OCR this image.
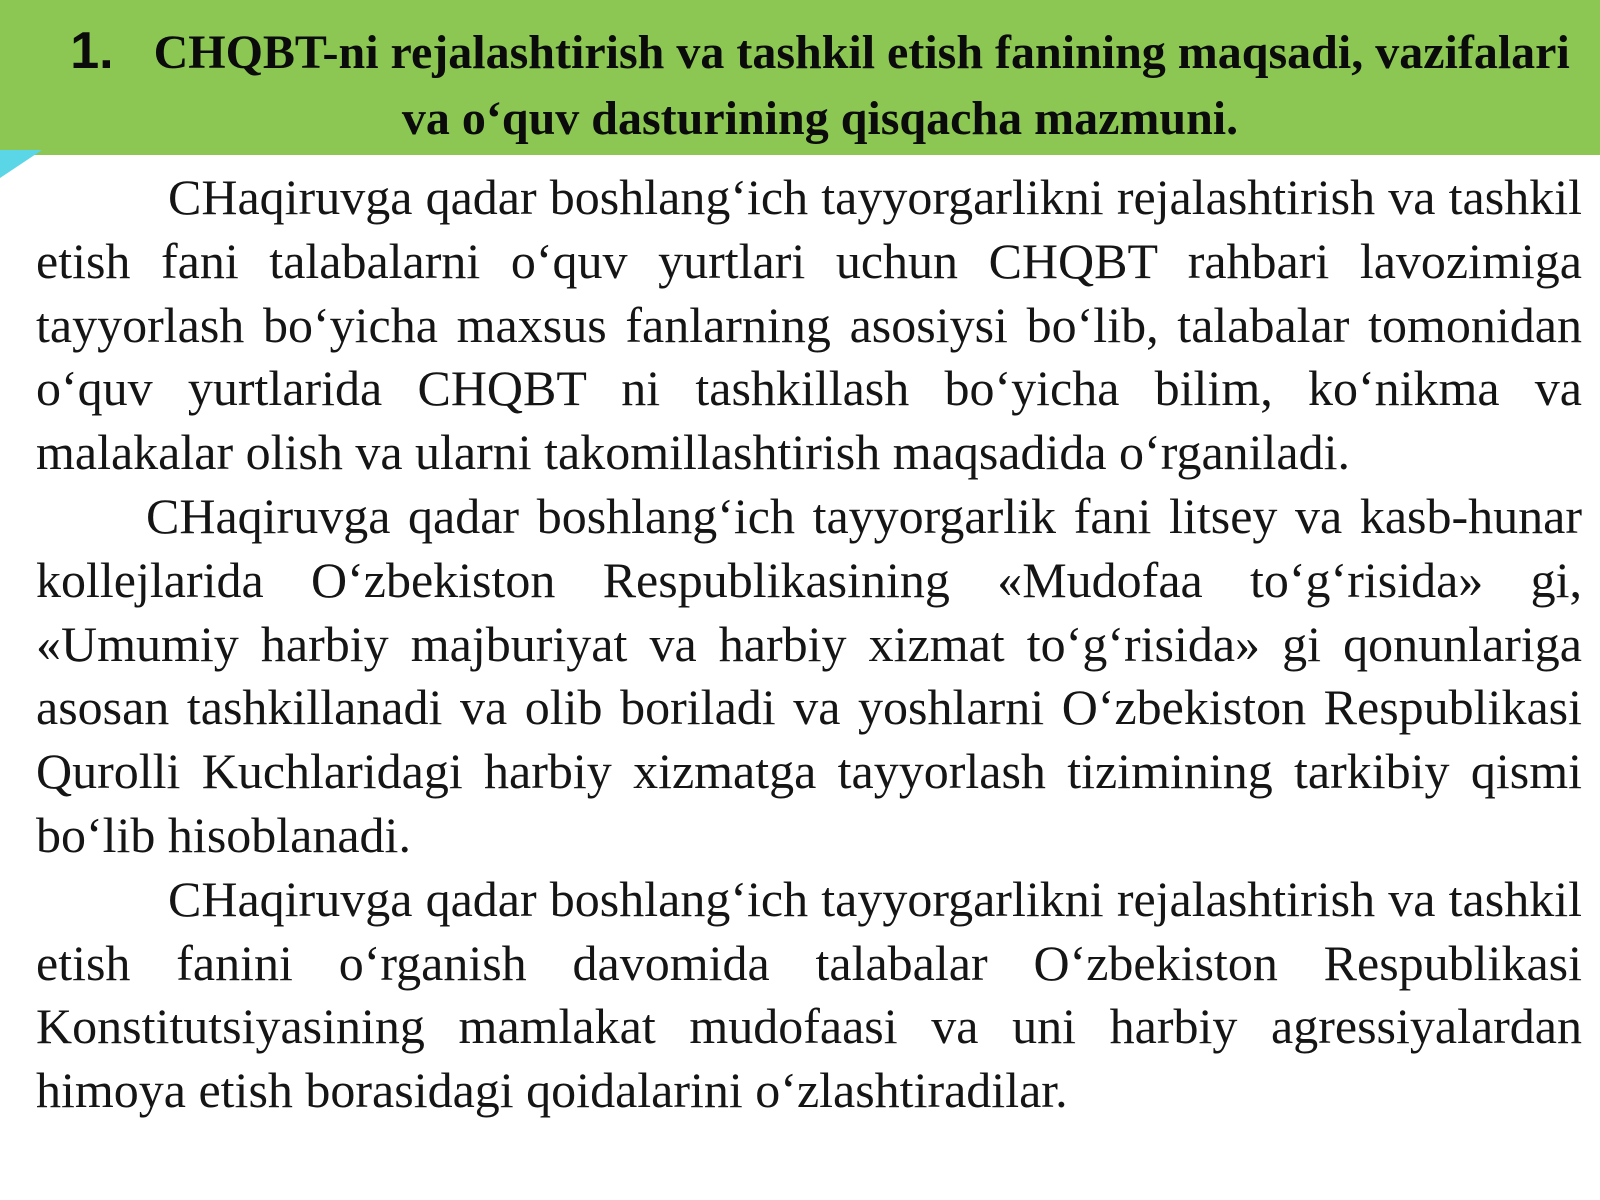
1. CHQBT-ni rejalashtirish va tashkil etish fanining maqsadi, vazifalari va o‘quv dasturining qisqacha mazmuni.

CHaqiruvga qadar boshlang‘ich tayyorgarlikni rejalashtirish va tashkil etish fani talabalarni o‘quv yurtlari uchun CHQBT rahbari lavozimiga tayyorlash bo‘yicha maxsus fanlarning asosiysi bo‘lib, talabalar tomonidan o‘quv yurtlarida CHQBT ni tashkillash bo‘yicha bilim, ko‘nikma va malakalar olish va ularni takomillashtirish maqsadida o‘rganiladi.

CHaqiruvga qadar boshlang‘ich tayyorgarlik fani litsey va kasb-hunar kollejlarida O‘zbekiston Respublikasining «Mudofaa to‘g‘risida» gi, «Umumiy harbiy majburiyat va harbiy xizmat to‘g‘risida» gi qonunlariga asosan tashkillanadi va olib boriladi va yoshlarni O‘zbekiston Respublikasi Qurolli Kuchlaridagi harbiy xizmatga tayyorlash tizimining tarkibiy qismi bo‘lib hisoblanadi.

CHaqiruvga qadar boshlang‘ich tayyorgarlikni rejalashtirish va tashkil etish fanini o‘rganish davomida talabalar O‘zbekiston Respublikasi Konstitutsiyasining mamlakat mudofaasi va uni harbiy agressiyalardan himoya etish borasidagi qoidalarini o‘zlashtiradilar.
